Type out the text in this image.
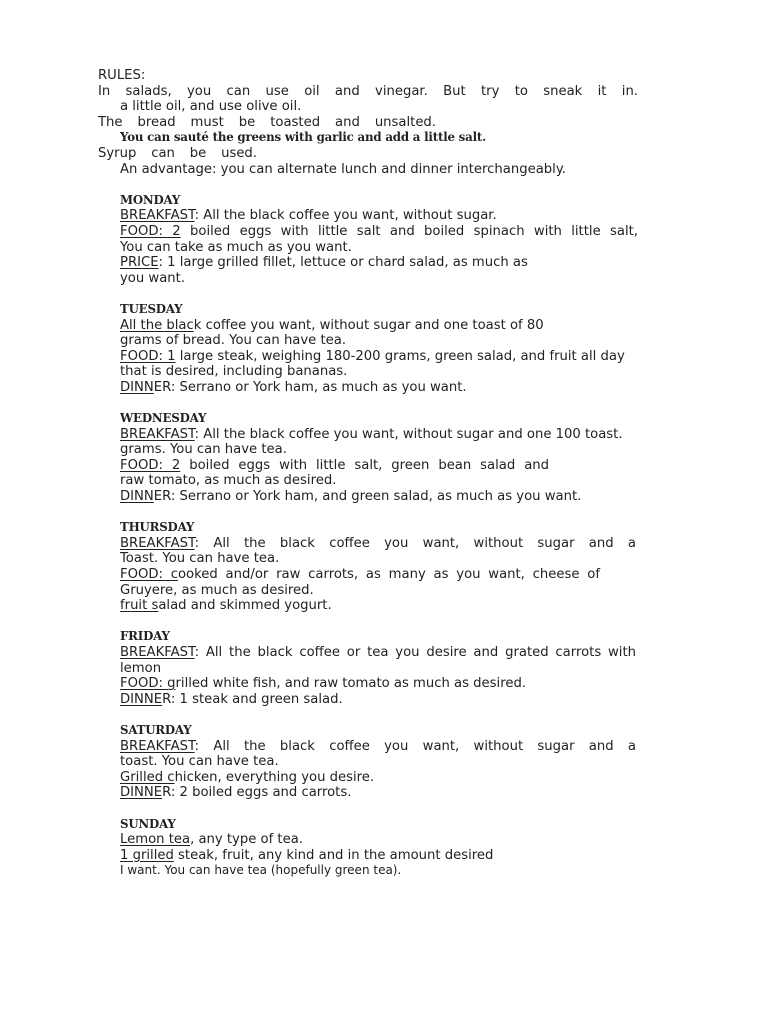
RULES:
In salads, you can use oil and vinegar. But try to sneak it in.
a little oil, and use olive oil.
The bread must be toasted and unsalted.
You can sauté the greens with garlic and add a little salt.
Syrup can be used.
An advantage: you can alternate lunch and dinner interchangeably.
MONDAY
BREAKFAST: All the black coffee you want, without sugar.
FOOD: 2 boiled eggs with little salt and boiled spinach with little salt,
You can take as much as you want.
PRICE: 1 large grilled fillet, lettuce or chard salad, as much as
you want.
TUESDAY
All the black coffee you want, without sugar and one toast of 80
grams of bread. You can have tea.
FOOD: 1 large steak, weighing 180-200 grams, green salad, and fruit all day
that is desired, including bananas.
DINNER: Serrano or York ham, as much as you want.
WEDNESDAY
BREAKFAST: All the black coffee you want, without sugar and one 100 toast.
grams. You can have tea.
FOOD: 2 boiled eggs with little salt, green bean salad and
raw tomato, as much as desired.
DINNER: Serrano or York ham, and green salad, as much as you want.
THURSDAY
BREAKFAST: All the black coffee you want, without sugar and a
Toast. You can have tea.
FOOD: cooked and/or raw carrots, as many as you want, cheese of
Gruyere, as much as desired.
fruit salad and skimmed yogurt.
FRIDAY
BREAKFAST: All the black coffee or tea you desire and grated carrots with
lemon
FOOD: grilled white fish, and raw tomato as much as desired.
DINNER: 1 steak and green salad.
SATURDAY
BREAKFAST: All the black coffee you want, without sugar and a
toast. You can have tea.
Grilled chicken, everything you desire.
DINNER: 2 boiled eggs and carrots.
SUNDAY
Lemon tea, any type of tea.
1 grilled steak, fruit, any kind and in the amount desired
I want. You can have tea (hopefully green tea).
